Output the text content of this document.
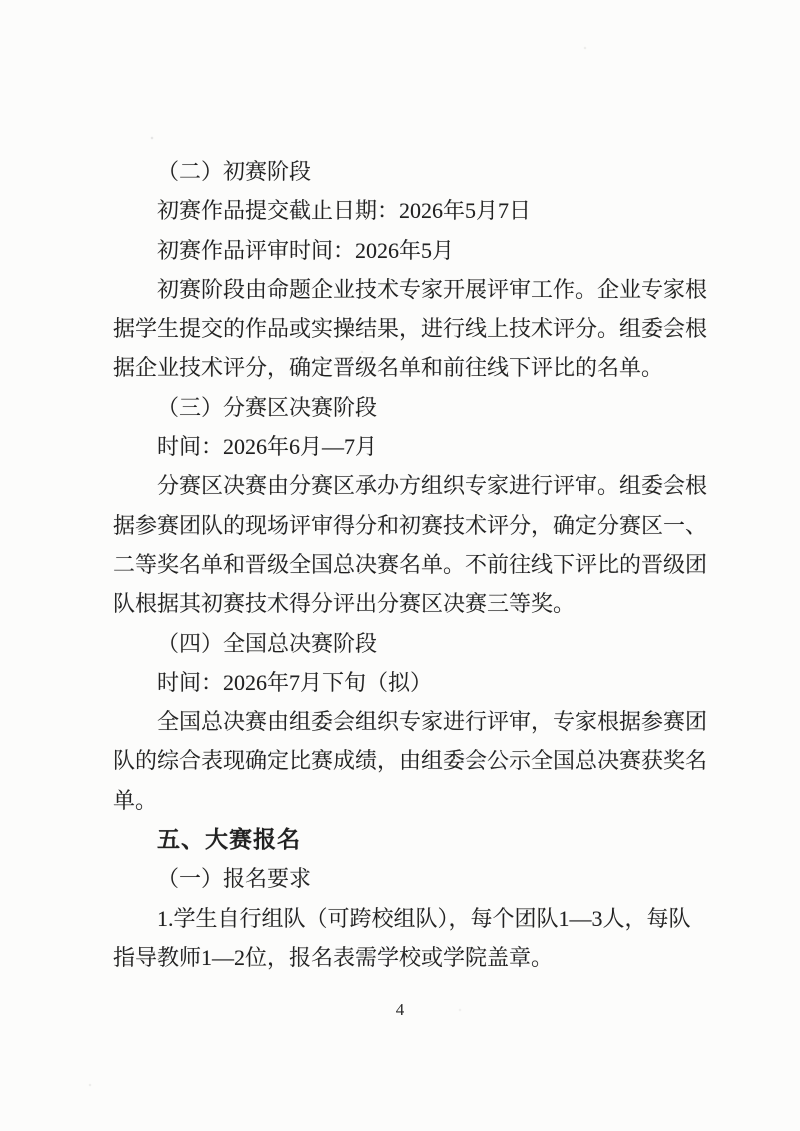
（二）初赛阶段
初赛作品提交截止日期：2026年5月7日
初赛作品评审时间：2026年5月
初赛阶段由命题企业技术专家开展评审工作。企业专家根
据学生提交的作品或实操结果，进行线上技术评分。组委会根
据企业技术评分，确定晋级名单和前往线下评比的名单。
（三）分赛区决赛阶段
时间：2026年6月—7月
分赛区决赛由分赛区承办方组织专家进行评审。组委会根
据参赛团队的现场评审得分和初赛技术评分，确定分赛区一、
二等奖名单和晋级全国总决赛名单。不前往线下评比的晋级团
队根据其初赛技术得分评出分赛区决赛三等奖。
（四）全国总决赛阶段
时间：2026年7月下旬（拟）
全国总决赛由组委会组织专家进行评审，专家根据参赛团
队的综合表现确定比赛成绩，由组委会公示全国总决赛获奖名
单。
五、大赛报名
（一）报名要求
1.学生自行组队（可跨校组队），每个团队1—3人，每队
指导教师1—2位，报名表需学校或学院盖章。
4
